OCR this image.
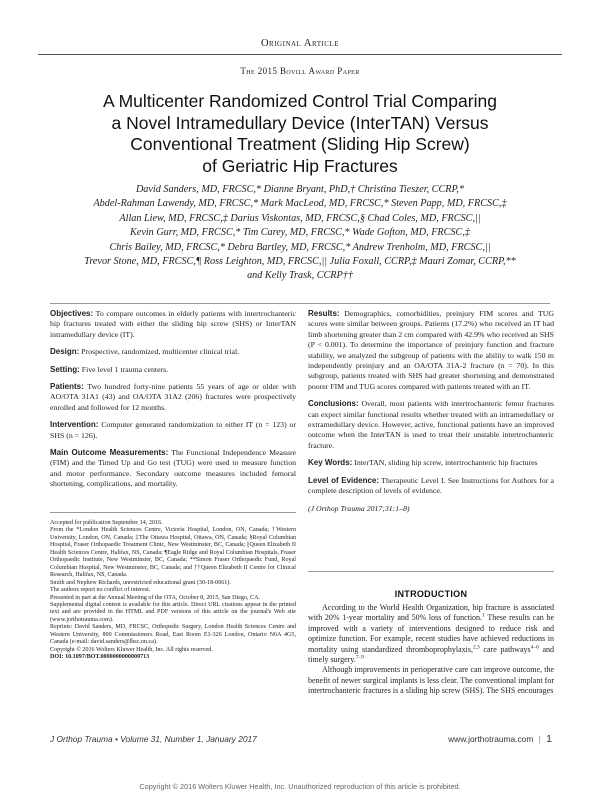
Original Article
The 2015 Bovill Award Paper
A Multicenter Randomized Control Trial Comparing
a Novel Intramedullary Device (InterTAN) Versus
Conventional Treatment (Sliding Hip Screw)
of Geriatric Hip Fractures
David Sanders, MD, FRCSC,* Dianne Bryant, PhD,† Christina Tieszer, CCRP,*
Abdel-Rahman Lawendy, MD, FRCSC,* Mark MacLeod, MD, FRCSC,* Steven Papp, MD, FRCSC,‡
Allan Liew, MD, FRCSC,‡ Darius Viskontas, MD, FRCSC,§ Chad Coles, MD, FRCSC,||
Kevin Gurr, MD, FRCSC,* Tim Carey, MD, FRCSC,* Wade Gofton, MD, FRCSC,‡
Chris Bailey, MD, FRCSC,* Debra Bartley, MD, FRCSC,* Andrew Trenholm, MD, FRCSC,||
Trevor Stone, MD, FRCSC,¶ Ross Leighton, MD, FRCSC,|| Julia Foxall, CCRP,‡ Mauri Zomar, CCRP,**
and Kelly Trask, CCRP††

Objectives: To compare outcomes in elderly patients with intertrochanteric hip fractures treated with either the sliding hip screw (SHS) or InterTAN intramedullary device (IT).

Design: Prospective, randomized, multicenter clinical trial.

Setting: Five level 1 trauma centers.

Patients: Two hundred forty-nine patients 55 years of age or older with AO/OTA 31A1 (43) and OA/OTA 31A2 (206) fractures were prospectively enrolled and followed for 12 months.

Intervention: Computer generated randomization to either IT (n = 123) or SHS (n = 126).

Main Outcome Measurements: The Functional Independence Measure (FIM) and the Timed Up and Go test (TUG) were used to measure function and motor performance. Secondary outcome measures included femoral shortening, complications, and mortality.

Accepted for publication September 14, 2016.
From the *London Health Sciences Centre, Victoria Hospital, London, ON, Canada; †Western University, London, ON, Canada; ‡The Ottawa Hospital, Ottawa, ON, Canada; §Royal Columbian Hospital, Fraser Orthopaedic Treatment Clinic, New Westminster, BC, Canada; ||Queen Elizabeth II Health Sciences Centre, Halifax, NS, Canada; ¶Eagle Ridge and Royal Columbian Hospitals, Fraser Orthopaedic Institute, New Westminster, BC, Canada; **Simon Fraser Orthopaedic Fund, Royal Columbian Hospital, New Westminster, BC, Canada; and ††Queen Elizabeth II Centre for Clinical Research, Halifax, NS, Canada.
Smith and Nephew Richards, unrestricted educational grant (30-18-0061).
The authors report no conflict of interest.
Presented in part at the Annual Meeting of the OTA, October 8, 2015, San Diego, CA.
Supplemental digital content is available for this article. Direct URL citations appear in the printed text and are provided in the HTML and PDF versions of this article on the journal's Web site (www.jorthotrauma.com).
Reprints: David Sanders, MD, FRCSC, Orthopedic Surgery, London Health Sciences Centre and Western University, 800 Commissioners Road, East Room E1-326 London, Ontario N6A 4G5, Canada (e-mail: david.sanders@lhsc.on.ca).
Copyright © 2016 Wolters Kluwer Health, Inc. All rights reserved.
DOI: 10.1097/BOT.0000000000000713

Results: Demographics, comorbidities, preinjury FIM scores and TUG scores were similar between groups. Patients (17.2%) who received an IT had limb shortening greater than 2 cm compared with 42.9% who received an SHS (P < 0.001). To determine the importance of preinjury function and fracture stability, we analyzed the subgroup of patients with the ability to walk 150 m independently preinjury and an OA/OTA 31A-2 fracture (n = 70). In this subgroup, patients treated with SHS had greater shortening and demonstrated poorer FIM and TUG scores compared with patients treated with an IT.

Conclusions: Overall, most patients with intertrochanteric femur fractures can expect similar functional results whether treated with an intramedullary or extramedullary device. However, active, functional patients have an improved outcome when the InterTAN is used to treat their unstable intertrochanteric fracture.

Key Words: InterTAN, sliding hip screw, intertrochanteric hip fractures

Level of Evidence: Therapeutic Level I. See Instructions for Authors for a complete description of levels of evidence.

(J Orthop Trauma 2017;31:1–8)

INTRODUCTION

According to the World Health Organization, hip fracture is associated with 20% 1-year mortality and 50% loss of function.$^1$ These results can be improved with a variety of interventions designed to reduce risk and optimize function. For example, recent studies have achieved reductions in mortality using standardized thromboprophylaxis,$^{2,3}$ care pathways$^{4-6}$ and timely surgery.$^{7-9}$

Although improvements in perioperative care can improve outcome, the benefit of newer surgical implants is less clear. The conventional implant for intertrochanteric fractures is a sliding hip screw (SHS). The SHS encourages

J Orthop Trauma • Volume 31, Number 1, January 2017	www.jorthotrauma.com | 1
Copyright © 2016 Wolters Kluwer Health, Inc. Unauthorized reproduction of this article is prohibited.
